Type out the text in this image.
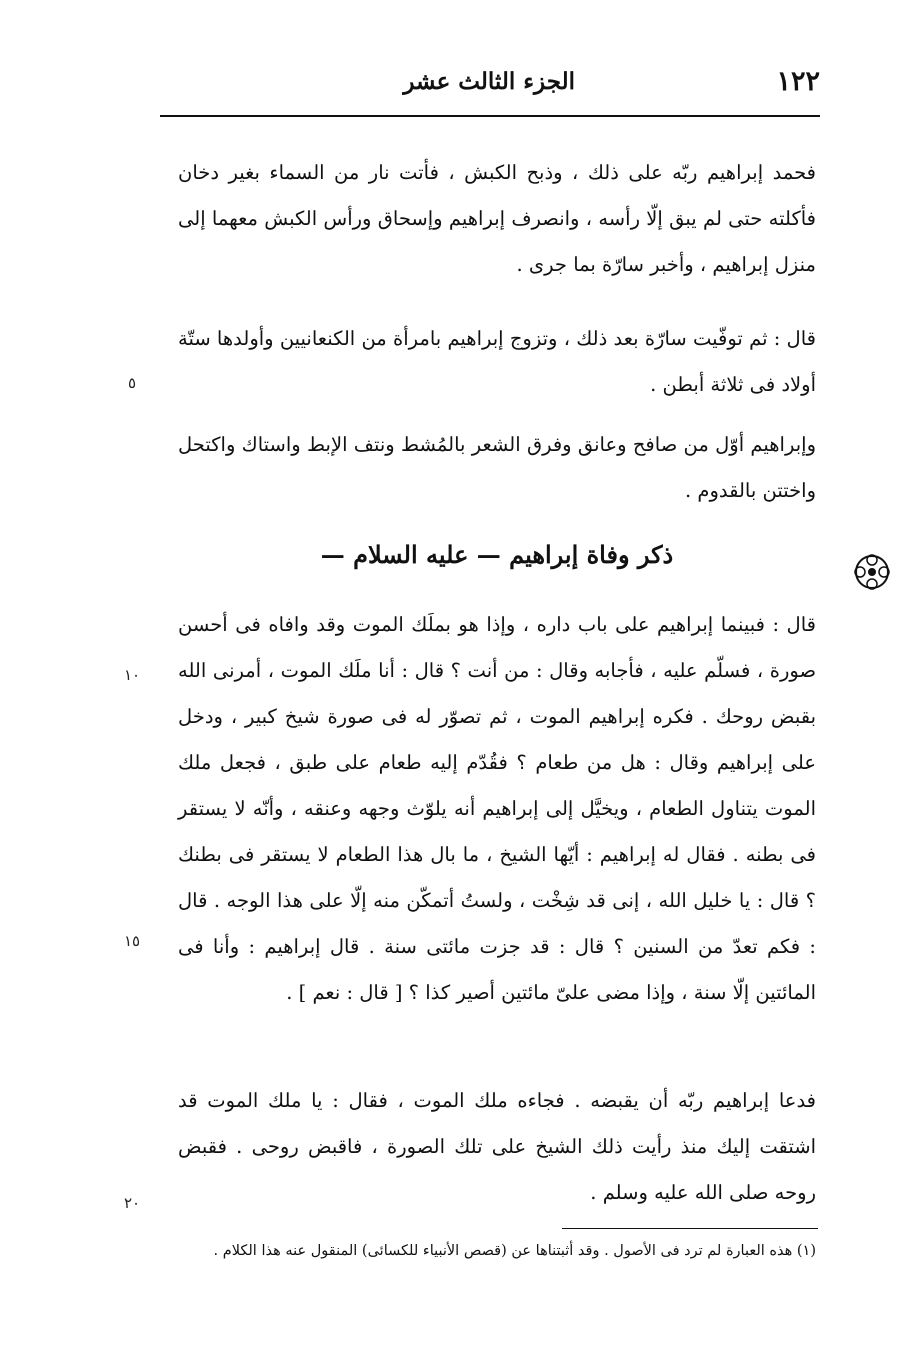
١٢٢
الجزء الثالث عشر

فحمد إبراهيم ربّه على ذلك ، وذبح الكبش ، فأتت نار من السماء بغير دخان فأكلته حتى لم يبق إلّا رأسه ، وانصرف إبراهيم وإسحاق ورأس الكبش معهما إلى منزل إبراهيم ، وأخبر سارّة بما جرى .

قال : ثم توفّيت سارّة بعد ذلك ، وتزوج إبراهيم بامرأة من الكنعانيين وأولدها ستّة أولاد فى ثلاثة أبطن .

وإبراهيم أوّل من صافح وعانق وفرق الشعر بالمُشط ونتف الإبط واستاك واكتحل واختتن بالقدوم .

ذكر وفاة إبراهيم — عليه السلام —

قال : فبينما إبراهيم على باب داره ، وإذا هو بملَك الموت وقد وافاه فى أحسن صورة ، فسلّم عليه ، فأجابه وقال : من أنت ؟ قال : أنا ملَك الموت ، أمرنى الله بقبض روحك . فكره إبراهيم الموت ، ثم تصوّر له فى صورة شيخ كبير ، ودخل على إبراهيم وقال : هل من طعام ؟ فقُدّم إليه طعام على طبق ، فجعل ملك الموت يتناول الطعام ، ويخيَّل إلى إبراهيم أنه يلوّث وجهه وعنقه ، وأنّه لا يستقر فى بطنه . فقال له إبراهيم : أيّها الشيخ ، ما بال هذا الطعام لا يستقر فى بطنك ؟ قال : يا خليل الله ، إنى قد شِخْت ، ولستُ أتمكّن منه إلّا على هذا الوجه . قال : فكم تعدّ من السنين ؟ قال : قد جزت مائتى سنة . قال إبراهيم : وأنا فى المائتين إلّا سنة ، وإذا مضى علىّ مائتين أصير كذا ؟ [ قال : نعم ] .

فدعا إبراهيم ربّه أن يقبضه . فجاءه ملك الموت ، فقال : يا ملك الموت قد اشتقت إليك منذ رأيت ذلك الشيخ على تلك الصورة ، فاقبض روحى . فقبض روحه صلى الله عليه وسلم .

٥
١٠
١٥
٢٠
(١) هذه العبارة لم ترد فى الأصول . وقد أثبتناها عن (قصص الأنبياء للكسائى) المنقول عنه هذا الكلام .
